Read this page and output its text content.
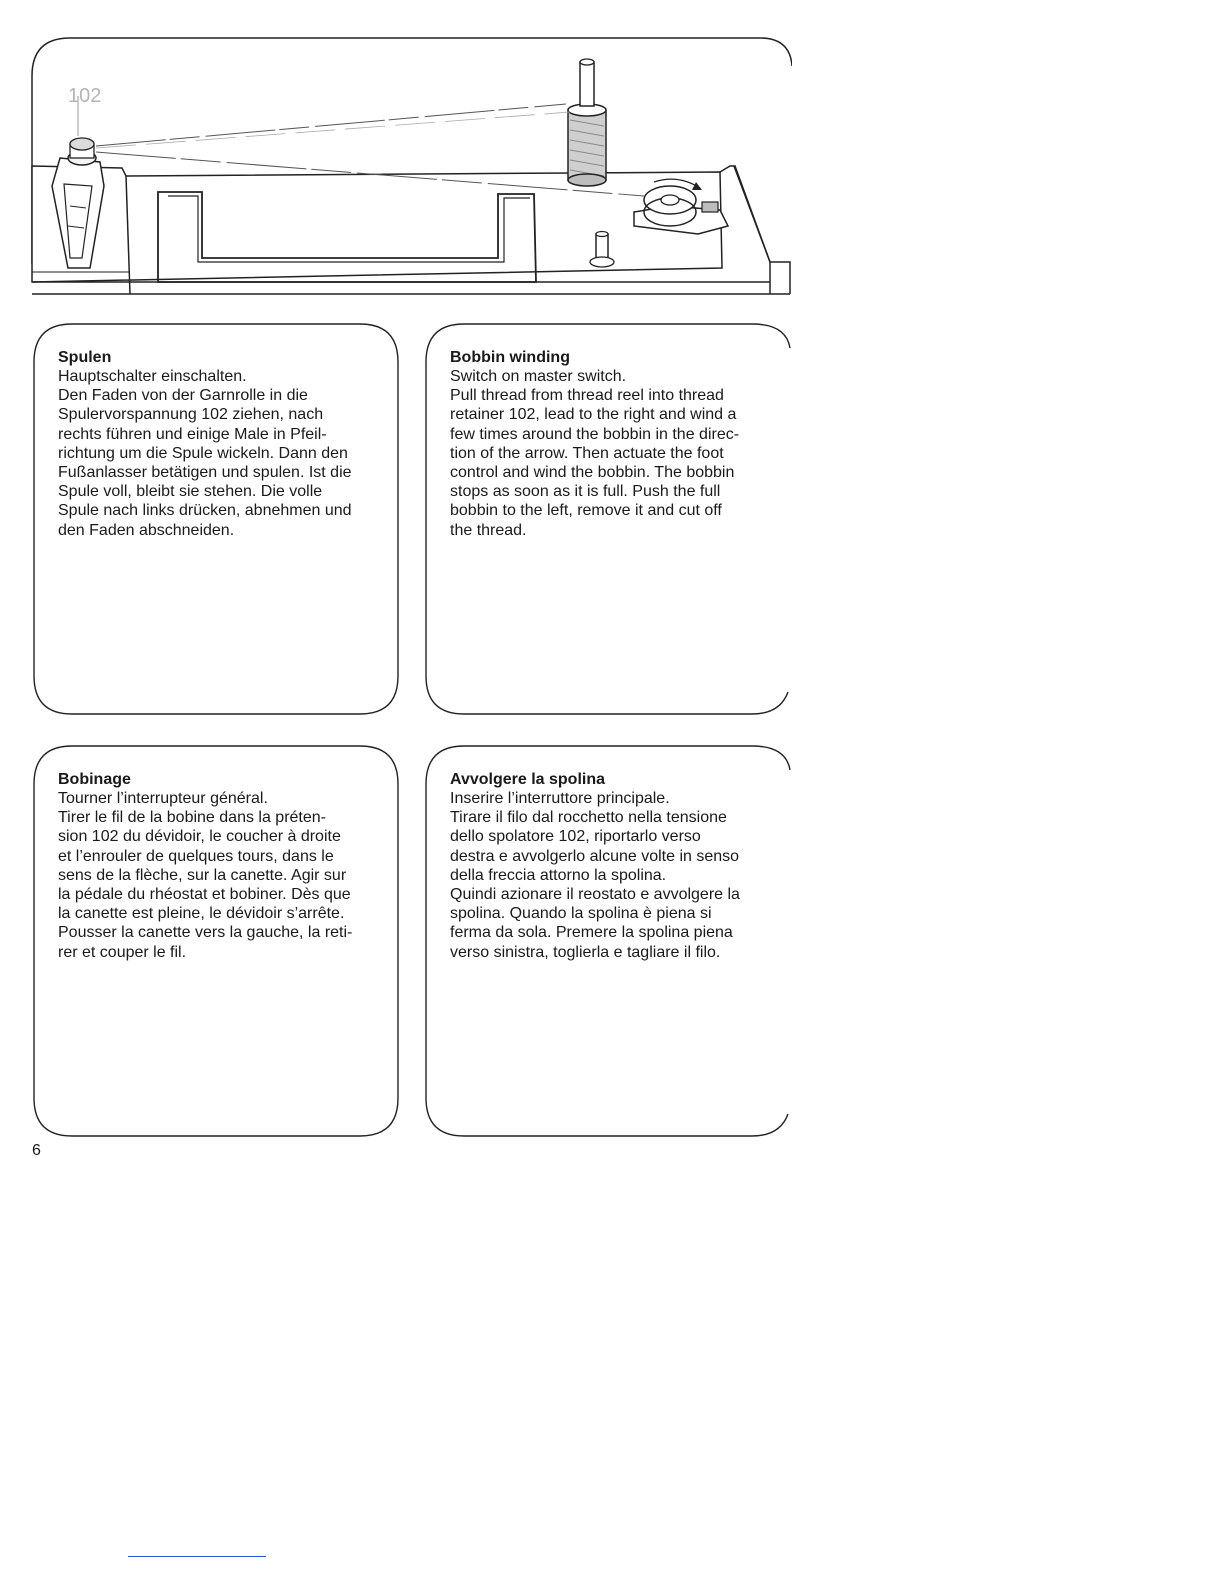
102
Spulen

Hauptschalter einschalten.

Den Faden von der Garnrolle in die

Spulervorspannung 102 ziehen, nach

rechts führen und einige Male in Pfeil-

richtung um die Spule wickeln. Dann den

Fußanlasser betätigen und spulen. Ist die

Spule voll, bleibt sie stehen. Die volle

Spule nach links drücken, abnehmen und

den Faden abschneiden.

Bobbin winding

Switch on master switch.

Pull thread from thread reel into thread

retainer 102, lead to the right and wind a

few times around the bobbin in the direc-

tion of the arrow. Then actuate the foot

control and wind the bobbin. The bobbin

stops as soon as it is full. Push the full

bobbin to the left, remove it and cut off

the thread.

Bobinage

Tourner l’interrupteur général.

Tirer le fil de la bobine dans la préten-

sion 102 du dévidoir, le coucher à droite

et l’enrouler de quelques tours, dans le

sens de la flèche, sur la canette. Agir sur

la pédale du rhéostat et bobiner. Dès que

la canette est pleine, le dévidoir s’arrête.

Pousser la canette vers la gauche, la reti-

rer et couper le fil.

Avvolgere la spolina

Inserire l’interruttore principale.

Tirare il filo dal rocchetto nella tensione

dello spolatore 102, riportarlo verso

destra e avvolgerlo alcune volte in senso

della freccia attorno la spolina.

Quindi azionare il reostato e avvolgere la

spolina. Quando la spolina è piena si

ferma da sola. Premere la spolina piena

verso sinistra, toglierla e tagliare il filo.

6
